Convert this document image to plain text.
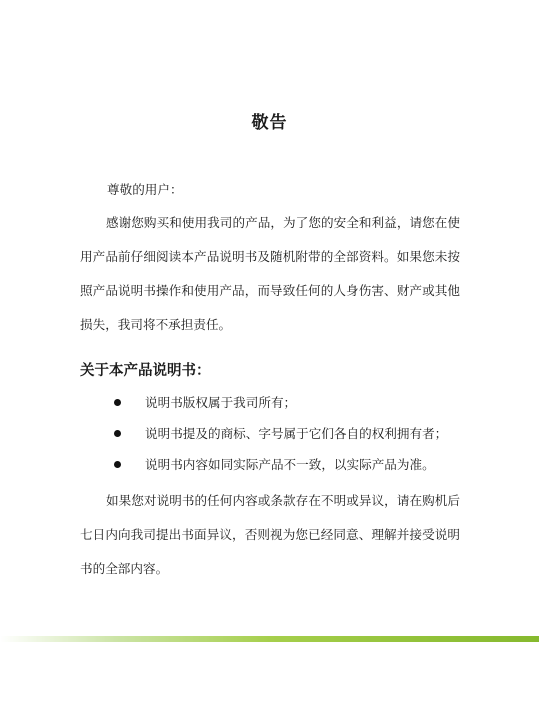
敬告
尊敬的用户：
感谢您购买和使用我司的产品，为了您的安全和利益，请您在使用产品前仔细阅读本产品说明书及随机附带的全部资料。如果您未按照产品说明书操作和使用产品，而导致任何的人身伤害、财产或其他损失，我司将不承担责任。
关于本产品说明书：
说明书版权属于我司所有；
说明书提及的商标、字号属于它们各自的权利拥有者；
说明书内容如同实际产品不一致，以实际产品为准。
如果您对说明书的任何内容或条款存在不明或异议，请在购机后七日内向我司提出书面异议，否则视为您已经同意、理解并接受说明书的全部内容。
